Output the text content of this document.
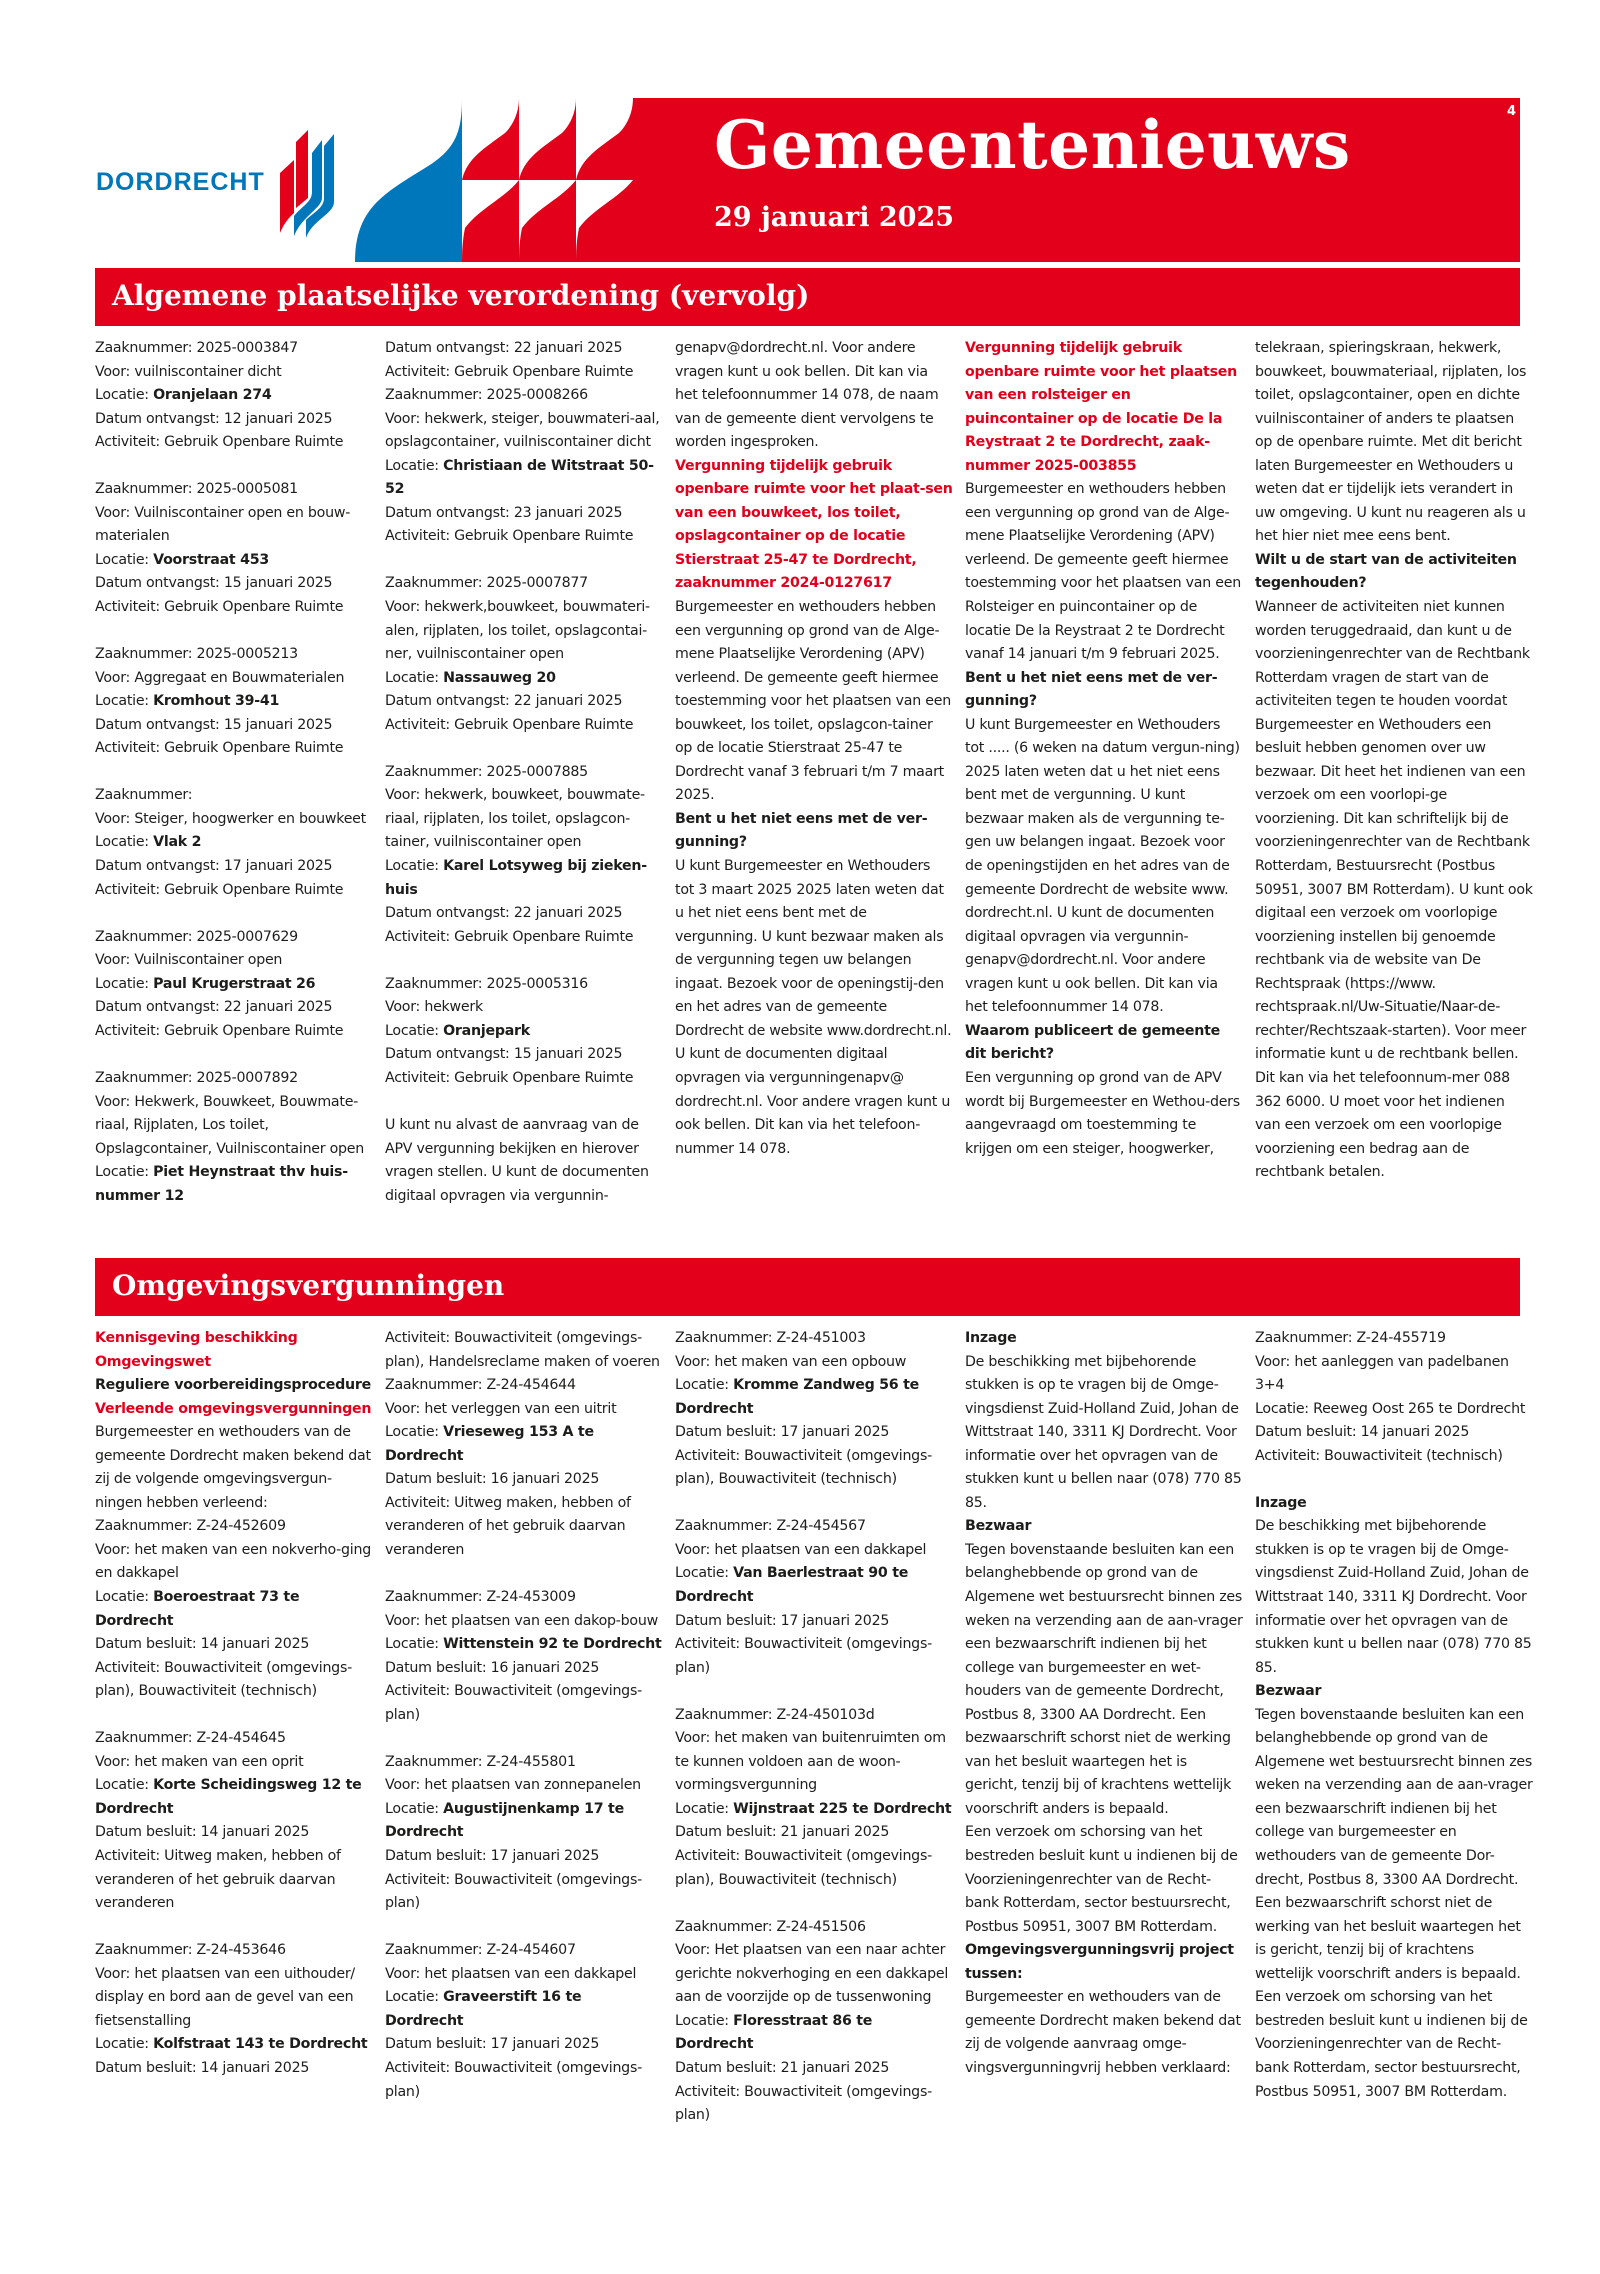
DORDRECHT	Gemeentenieuws
29 januari 2025
4
Algemene plaatselijke verordening (vervolg)

Zaaknummer: 2025-0003847

Voor: vuilniscontainer dicht

Locatie: Oranjelaan 274

Datum ontvangst: 12 januari 2025

Activiteit: Gebruik Openbare Ruimte

Zaaknummer: 2025-0005081

Voor: Vuilniscontainer open en bouw-materialen

Locatie: Voorstraat 453

Datum ontvangst: 15 januari 2025

Activiteit: Gebruik Openbare Ruimte

Zaaknummer: 2025-0005213

Voor: Aggregaat en Bouwmaterialen

Locatie: Kromhout 39-41

Datum ontvangst: 15 januari 2025

Activiteit: Gebruik Openbare Ruimte

Zaaknummer:

Voor: Steiger, hoogwerker en bouwkeet

Locatie: Vlak 2

Datum ontvangst: 17 januari 2025

Activiteit: Gebruik Openbare Ruimte

Zaaknummer: 2025-0007629

Voor: Vuilniscontainer open

Locatie: Paul Krugerstraat 26

Datum ontvangst: 22 januari 2025

Activiteit: Gebruik Openbare Ruimte

Zaaknummer: 2025-0007892

Voor: Hekwerk, Bouwkeet, Bouwmate-riaal, Rijplaten, Los toilet, Opslagcontainer, Vuilniscontainer open

Locatie: Piet Heynstraat thv huis-nummer 12

Datum ontvangst: 22 januari 2025

Activiteit: Gebruik Openbare Ruimte

Zaaknummer: 2025-0008266

Voor: hekwerk, steiger, bouwmateri-aal, opslagcontainer, vuilniscontainer dicht

Locatie: Christiaan de Witstraat 50-52

Datum ontvangst: 23 januari 2025

Activiteit: Gebruik Openbare Ruimte

Zaaknummer: 2025-0007877

Voor: hekwerk,bouwkeet, bouwmateri-alen, rijplaten, los toilet, opslagcontai-ner, vuilniscontainer open

Locatie: Nassauweg 20

Datum ontvangst: 22 januari 2025

Activiteit: Gebruik Openbare Ruimte

Zaaknummer: 2025-0007885

Voor: hekwerk, bouwkeet, bouwmate-riaal, rijplaten, los toilet, opslagcon-tainer, vuilniscontainer open

Locatie: Karel Lotsyweg bij zieken-huis

Datum ontvangst: 22 januari 2025

Activiteit: Gebruik Openbare Ruimte

Zaaknummer: 2025-0005316

Voor: hekwerk

Locatie: Oranjepark

Datum ontvangst: 15 januari 2025

Activiteit: Gebruik Openbare Ruimte

U kunt nu alvast de aanvraag van de APV vergunning bekijken en hierover vragen stellen. U kunt de documenten digitaal opvragen via vergunnin-

genapv@dordrecht.nl. Voor andere vragen kunt u ook bellen. Dit kan via het telefoonnummer 14 078, de naam van de gemeente dient vervolgens te worden ingesproken.

Vergunning tijdelijk gebruik openbare ruimte voor het plaat-sen van een bouwkeet, los toilet, opslagcontainer op de locatie Stierstraat 25-47 te Dordrecht, zaaknummer 2024-0127617

Burgemeester en wethouders hebben een vergunning op grond van de Alge-mene Plaatselijke Verordening (APV) verleend. De gemeente geeft hiermee toestemming voor het plaatsen van een bouwkeet, los toilet, opslagcon-tainer op de locatie Stierstraat 25-47 te Dordrecht vanaf 3 februari t/m 7 maart 2025.

Bent u het niet eens met de ver-gunning?

U kunt Burgemeester en Wethouders tot 3 maart 2025 2025 laten weten dat u het niet eens bent met de vergunning. U kunt bezwaar maken als de vergunning tegen uw belangen ingaat. Bezoek voor de openingstij-den en het adres van de gemeente Dordrecht de website www.dordrecht.nl. U kunt de documenten digitaal opvragen via vergunningenapv@ dordrecht.nl. Voor andere vragen kunt u ook bellen. Dit kan via het telefoon-nummer 14 078.

Vergunning tijdelijk gebruik openbare ruimte voor het plaatsen van een rolsteiger en puincontainer op de locatie De la Reystraat 2 te Dordrecht, zaak-nummer 2025-003855

Burgemeester en wethouders hebben een vergunning op grond van de Alge-mene Plaatselijke Verordening (APV) verleend. De gemeente geeft hiermee toestemming voor het plaatsen van een Rolsteiger en puincontainer op de locatie De la Reystraat 2 te Dordrecht vanaf 14 januari t/m 9 februari 2025.

Bent u het niet eens met de ver-gunning?

U kunt Burgemeester en Wethouders tot ..... (6 weken na datum vergun-ning) 2025 laten weten dat u het niet eens bent met de vergunning. U kunt bezwaar maken als de vergunning te-gen uw belangen ingaat. Bezoek voor de openingstijden en het adres van de gemeente Dordrecht de website www. dordrecht.nl. U kunt de documenten digitaal opvragen via vergunnin-genapv@dordrecht.nl. Voor andere vragen kunt u ook bellen. Dit kan via het telefoonnummer 14 078.

Waarom publiceert de gemeente dit bericht?

Een vergunning op grond van de APV wordt bij Burgemeester en Wethou-ders aangevraagd om toestemming te krijgen om een steiger, hoogwerker,

telekraan, spieringskraan, hekwerk, bouwkeet, bouwmateriaal, rijplaten, los toilet, opslagcontainer, open en dichte vuilniscontainer of anders te plaatsen op de openbare ruimte. Met dit bericht laten Burgemeester en Wethouders u weten dat er tijdelijk iets verandert in uw omgeving. U kunt nu reageren als u het hier niet mee eens bent.

Wilt u de start van de activiteiten tegenhouden?

Wanneer de activiteiten niet kunnen worden teruggedraaid, dan kunt u de voorzieningenrechter van de Rechtbank Rotterdam vragen de start van de activiteiten tegen te houden voordat Burgemeester en Wethouders een besluit hebben genomen over uw bezwaar. Dit heet het indienen van een verzoek om een voorlopi-ge voorziening. Dit kan schriftelijk bij de voorzieningenrechter van de Rechtbank Rotterdam, Bestuursrecht (Postbus 50951, 3007 BM Rotterdam). U kunt ook digitaal een verzoek om voorlopige voorziening instellen bij genoemde rechtbank via de website van De Rechtspraak (https://www. rechtspraak.nl/Uw-Situatie/Naar-de-rechter/Rechtszaak-starten). Voor meer informatie kunt u de rechtbank bellen. Dit kan via het telefoonnum-mer 088 362 6000. U moet voor het indienen van een verzoek om een voorlopige voorziening een bedrag aan de rechtbank betalen.

Omgevingsvergunningen

Kennisgeving beschikking Omgevingswet

Reguliere voorbereidingsprocedure

Verleende omgevingsvergunningen

Burgemeester en wethouders van de gemeente Dordrecht maken bekend dat zij de volgende omgevingsvergun-ningen hebben verleend:

Zaaknummer: Z-24-452609

Voor: het maken van een nokverho-ging en dakkapel

Locatie: Boeroestraat 73 te Dordrecht

Datum besluit: 14 januari 2025

Activiteit: Bouwactiviteit (omgevings-plan), Bouwactiviteit (technisch)

Zaaknummer: Z-24-454645

Voor: het maken van een oprit

Locatie: Korte Scheidingsweg 12 te Dordrecht

Datum besluit: 14 januari 2025

Activiteit: Uitweg maken, hebben of veranderen of het gebruik daarvan veranderen

Zaaknummer: Z-24-453646

Voor: het plaatsen van een uithouder/ display en bord aan de gevel van een fietsenstalling

Locatie: Kolfstraat 143 te Dordrecht

Datum besluit: 14 januari 2025

Activiteit: Bouwactiviteit (omgevings-plan), Handelsreclame maken of voeren

Zaaknummer: Z-24-454644

Voor: het verleggen van een uitrit

Locatie: Vrieseweg 153 A te Dordrecht

Datum besluit: 16 januari 2025

Activiteit: Uitweg maken, hebben of veranderen of het gebruik daarvan veranderen

Zaaknummer: Z-24-453009

Voor: het plaatsen van een dakop-bouw

Locatie: Wittenstein 92 te Dordrecht

Datum besluit: 16 januari 2025

Activiteit: Bouwactiviteit (omgevings-plan)

Zaaknummer: Z-24-455801

Voor: het plaatsen van zonnepanelen

Locatie: Augustijnenkamp 17 te Dordrecht

Datum besluit: 17 januari 2025

Activiteit: Bouwactiviteit (omgevings-plan)

Zaaknummer: Z-24-454607

Voor: het plaatsen van een dakkapel

Locatie: Graveerstift 16 te Dordrecht

Datum besluit: 17 januari 2025

Activiteit: Bouwactiviteit (omgevings-plan)

Zaaknummer: Z-24-451003

Voor: het maken van een opbouw

Locatie: Kromme Zandweg 56 te Dordrecht

Datum besluit: 17 januari 2025

Activiteit: Bouwactiviteit (omgevings-plan), Bouwactiviteit (technisch)

Zaaknummer: Z-24-454567

Voor: het plaatsen van een dakkapel

Locatie: Van Baerlestraat 90 te Dordrecht

Datum besluit: 17 januari 2025

Activiteit: Bouwactiviteit (omgevings-plan)

Zaaknummer: Z-24-450103d

Voor: het maken van buitenruimten om te kunnen voldoen aan de woon-vormingsvergunning

Locatie: Wijnstraat 225 te Dordrecht

Datum besluit: 21 januari 2025

Activiteit: Bouwactiviteit (omgevings-plan), Bouwactiviteit (technisch)

Zaaknummer: Z-24-451506

Voor: Het plaatsen van een naar achter gerichte nokverhoging en een dakkapel aan de voorzijde op de tussenwoning

Locatie: Floresstraat 86 te Dordrecht

Datum besluit: 21 januari 2025

Activiteit: Bouwactiviteit (omgevings-plan)

Inzage

De beschikking met bijbehorende stukken is op te vragen bij de Omge-vingsdienst Zuid-Holland Zuid, Johan de Wittstraat 140, 3311 KJ Dordrecht. Voor informatie over het opvragen van de stukken kunt u bellen naar (078) 770 85 85.

Bezwaar

Tegen bovenstaande besluiten kan een belanghebbende op grond van de Algemene wet bestuursrecht binnen zes weken na verzending aan de aan-vrager een bezwaarschrift indienen bij het college van burgemeester en wet-houders van de gemeente Dordrecht, Postbus 8, 3300 AA Dordrecht. Een bezwaarschrift schorst niet de werking van het besluit waartegen het is gericht, tenzij bij of krachtens wettelijk voorschrift anders is bepaald.

Een verzoek om schorsing van het bestreden besluit kunt u indienen bij de Voorzieningenrechter van de Recht-bank Rotterdam, sector bestuursrecht, Postbus 50951, 3007 BM Rotterdam.

Omgevingsvergunningsvrij project tussen:

Burgemeester en wethouders van de gemeente Dordrecht maken bekend dat zij de volgende aanvraag omge-vingsvergunningvrij hebben verklaard:

Zaaknummer: Z-24-455719

Voor: het aanleggen van padelbanen 3+4

Locatie: Reeweg Oost 265 te Dordrecht

Datum besluit: 14 januari 2025

Activiteit: Bouwactiviteit (technisch)

Inzage

De beschikking met bijbehorende stukken is op te vragen bij de Omge-vingsdienst Zuid-Holland Zuid, Johan de Wittstraat 140, 3311 KJ Dordrecht. Voor informatie over het opvragen van de stukken kunt u bellen naar (078) 770 85 85.

Bezwaar

Tegen bovenstaande besluiten kan een belanghebbende op grond van de Algemene wet bestuursrecht binnen zes weken na verzending aan de aan-vrager een bezwaarschrift indienen bij het college van burgemeester en wethouders van de gemeente Dor-drecht, Postbus 8, 3300 AA Dordrecht. Een bezwaarschrift schorst niet de werking van het besluit waartegen het is gericht, tenzij bij of krachtens wettelijk voorschrift anders is bepaald.

Een verzoek om schorsing van het bestreden besluit kunt u indienen bij de Voorzieningenrechter van de Recht-bank Rotterdam, sector bestuursrecht, Postbus 50951, 3007 BM Rotterdam.
